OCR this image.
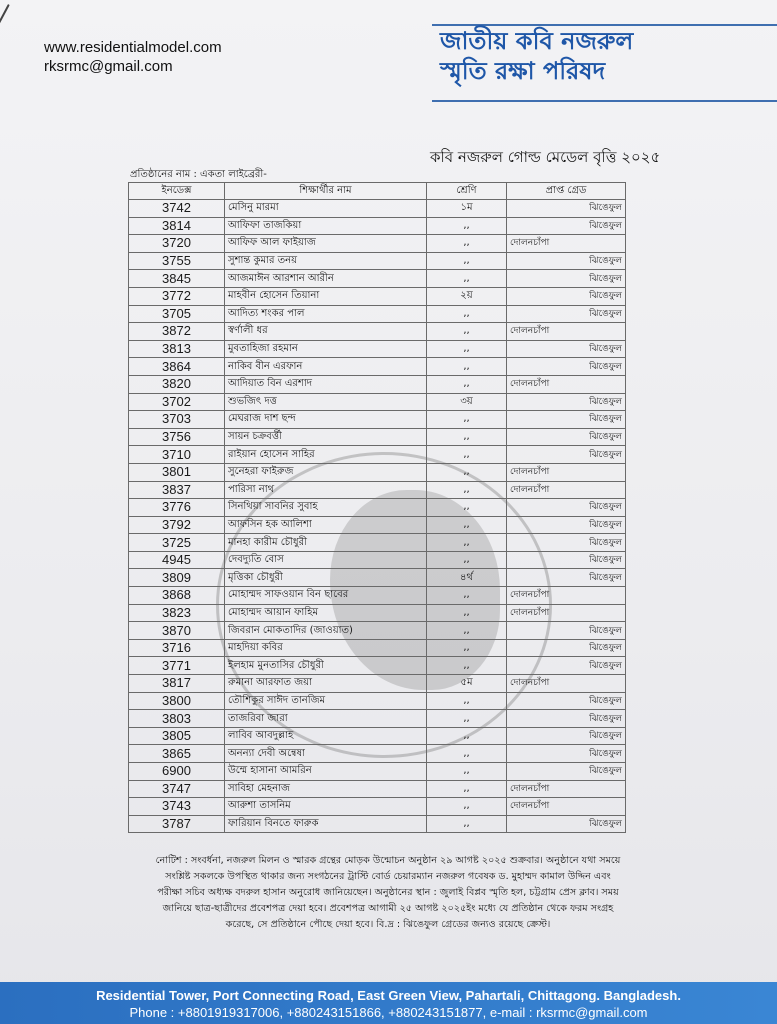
www.residentialmodel.com
rksrmc@gmail.com
জাতীয় কবি নজরুল
স্মৃতি রক্ষা পরিষদ
কবি নজরুল গোল্ড মেডেল বৃত্তি ২০২৫
প্রতিষ্ঠানের নাম : একতা লাইব্রেরী-
ইনডেক্স	শিক্ষার্থীর নাম	শ্রেণি	প্রাপ্ত গ্রেড
3742	মেসিনু মারমা	১ম	ঝিঙেফুল
3814	আফিফা তাজকিয়া	,,	ঝিঙেফুল
3720	আফিফ আল ফাইয়াজ	,,	দোলনচাঁপা
3755	সুশান্ত কুমার তনয়	,,	ঝিঙেফুল
3845	আজমাঈন আরশান আরীন	,,	ঝিঙেফুল
3772	মাহবীন হোসেন তিয়ানা	২য়	ঝিঙেফুল
3705	আদিত্য শংকর পাল	,,	ঝিঙেফুল
3872	স্বর্ণালী ধর	,,	দোলনচাঁপা
3813	মুবতাহিজা রহমান	,,	ঝিঙেফুল
3864	নাকিব বীন এরফান	,,	ঝিঙেফুল
3820	আদিয়াত বিন এরশাদ	,,	দোলনচাঁপা
3702	শুভজিৎ দত্ত	৩য়	ঝিঙেফুল
3703	মেঘরাজ দাশ ছন্দ	,,	ঝিঙেফুল
3756	সায়ন চক্রবর্ত্তী	,,	ঝিঙেফুল
3710	রাইয়ান হোসেন সাহির	,,	ঝিঙেফুল
3801	সুনেহরা ফাইরুজ	,,	দোলনচাঁপা
3837	পারিসা নাথ	,,	দোলনচাঁপা
3776	সিনথিয়া সাবনির সুবাহ	,,	ঝিঙেফুল
3792	আফসিন হক আলিশা	,,	ঝিঙেফুল
3725	মানহা কারীম চৌধুরী	,,	ঝিঙেফুল
4945	দেবদ্যুতি বোস	,,	ঝিঙেফুল
3809	মৃত্তিকা চৌধুরী	৪র্থ	ঝিঙেফুল
3868	মোহাম্মদ সাফওয়ান বিন ছাবের	,,	দোলনচাঁপা
3823	মোহাম্মদ আয়ান ফাহিম	,,	দোলনচাঁপা
3870	জিবরান মোকতাদির (জাওয়াত)	,,	ঝিঙেফুল
3716	মাহদিয়া কবির	,,	ঝিঙেফুল
3771	ইলহাম মুনতাসির চৌধুরী	,,	ঝিঙেফুল
3817	রুমানা আরফাত জয়া	৫ম	দোলনচাঁপা
3800	তৌশিকুর সাঈদ তানজিম	,,	ঝিঙেফুল
3803	তাজরিবা জারা	,,	ঝিঙেফুল
3805	লাবিব আবদুল্লাহ	,,	ঝিঙেফুল
3865	অনন্যা দেবী অন্বেষা	,,	ঝিঙেফুল
6900	উম্মে হাসানা আমরিন	,,	ঝিঙেফুল
3747	সাবিহা মেহনাজ	,,	দোলনচাঁপা
3743	আরুশা তাসনিম	,,	দোলনচাঁপা
3787	ফারিয়ান বিনতে ফারুক	,,	ঝিঙেফুল
নোটিশ : সংবর্ধনা, নজরুল মিলন ও স্মারক গ্রন্থের মোড়ক উন্মোচন অনুষ্ঠান ২৯ আগষ্ট ২০২৫ শুক্রবার। অনুষ্ঠানে যথা সময়ে
সংশ্লিষ্ট সকলকে উপস্থিত থাকার জন্য সংগঠনের ট্রাস্টি বোর্ড চেয়ারম্যান নজরুল গবেষক ড. মুহাম্মদ কামাল উদ্দিন এবং
পরীক্ষা সচিব অধ্যক্ষ বদরুল হাসান অনুরোধ জানিয়েছেন। অনুষ্ঠানের স্থান : জুলাই বিপ্লব স্মৃতি হল, চট্টগ্রাম প্রেস ক্লাব। সময়
জানিয়ে ছাত্র-ছাত্রীদের প্রবেশপত্র দেয়া হবে। প্রবেশপত্র আগামী ২৫ আগষ্ট ২০২৫ইং মধ্যে যে প্রতিষ্ঠান থেকে ফরম সংগ্রহ
করেছে, সে প্রতিষ্ঠানে পৌছে দেয়া হবে। বি.দ্র : ঝিঙেফুল গ্রেডের জন্যও রয়েছে ক্রেস্ট।
Residential Tower, Port Connecting Road, East Green View, Pahartali, Chittagong. Bangladesh.
Phone : +8801919317006, +880243151866, +880243151877, e-mail : rksrmc@gmail.com
